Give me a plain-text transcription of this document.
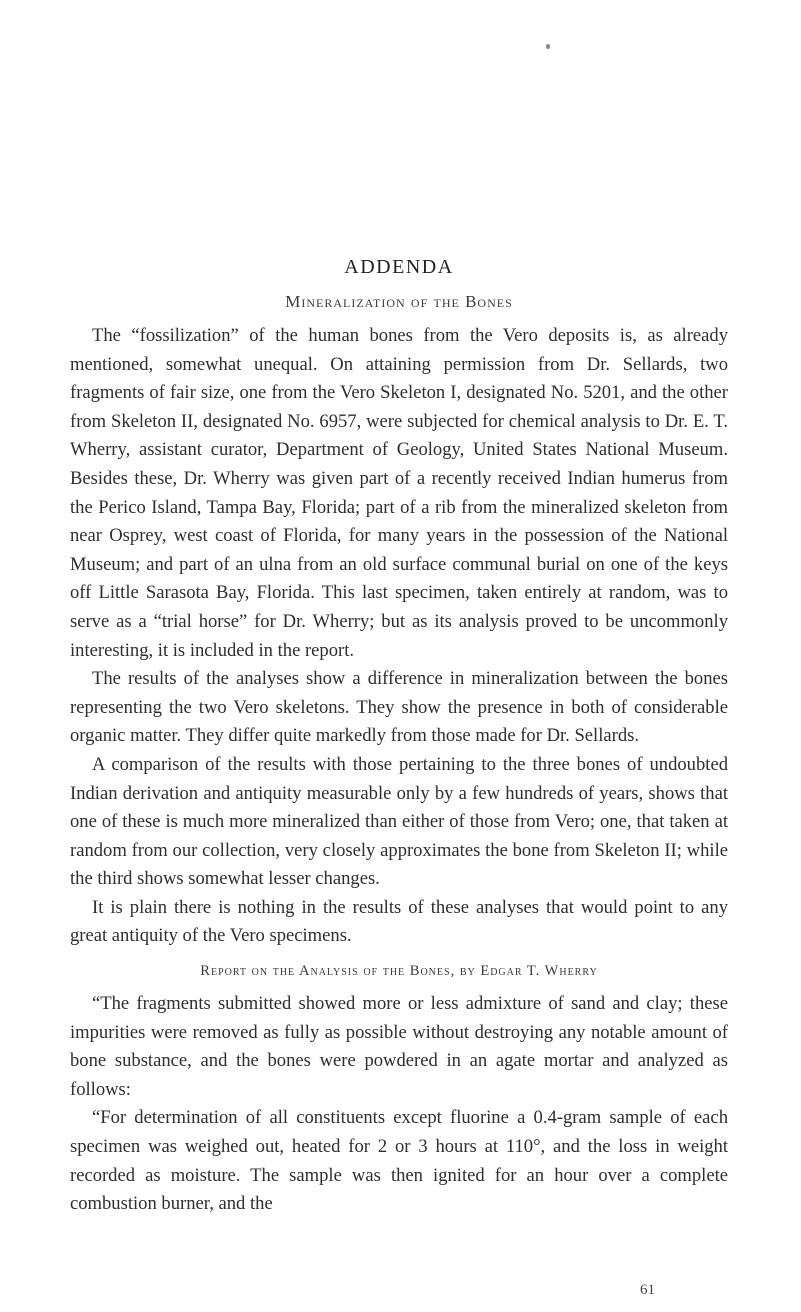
ADDENDA
Mineralization of the Bones

The “fossilization” of the human bones from the Vero deposits is, as already mentioned, somewhat unequal. On attaining permission from Dr. Sellards, two fragments of fair size, one from the Vero Skeleton I, designated No. 5201, and the other from Skeleton II, designated No. 6957, were subjected for chemical analysis to Dr. E. T. Wherry, assistant curator, Department of Geology, United States National Museum. Besides these, Dr. Wherry was given part of a recently received Indian humerus from the Perico Island, Tampa Bay, Florida; part of a rib from the mineralized skeleton from near Osprey, west coast of Florida, for many years in the possession of the National Museum; and part of an ulna from an old surface communal burial on one of the keys off Little Sarasota Bay, Florida. This last specimen, taken entirely at random, was to serve as a “trial horse” for Dr. Wherry; but as its analysis proved to be uncommonly interesting, it is included in the report.

The results of the analyses show a difference in mineralization between the bones representing the two Vero skeletons. They show the presence in both of considerable organic matter. They differ quite markedly from those made for Dr. Sellards.

A comparison of the results with those pertaining to the three bones of undoubted Indian derivation and antiquity measurable only by a few hundreds of years, shows that one of these is much more mineralized than either of those from Vero; one, that taken at random from our collection, very closely approximates the bone from Skeleton II; while the third shows somewhat lesser changes.

It is plain there is nothing in the results of these analyses that would point to any great antiquity of the Vero specimens.

Report on the Analysis of the Bones, by Edgar T. Wherry

“The fragments submitted showed more or less admixture of sand and clay; these impurities were removed as fully as possible without destroying any notable amount of bone substance, and the bones were powdered in an agate mortar and analyzed as follows:

“For determination of all constituents except fluorine a 0.4-gram sample of each specimen was weighed out, heated for 2 or 3 hours at 110°, and the loss in weight recorded as moisture. The sample was then ignited for an hour over a complete combustion burner, and the

61
